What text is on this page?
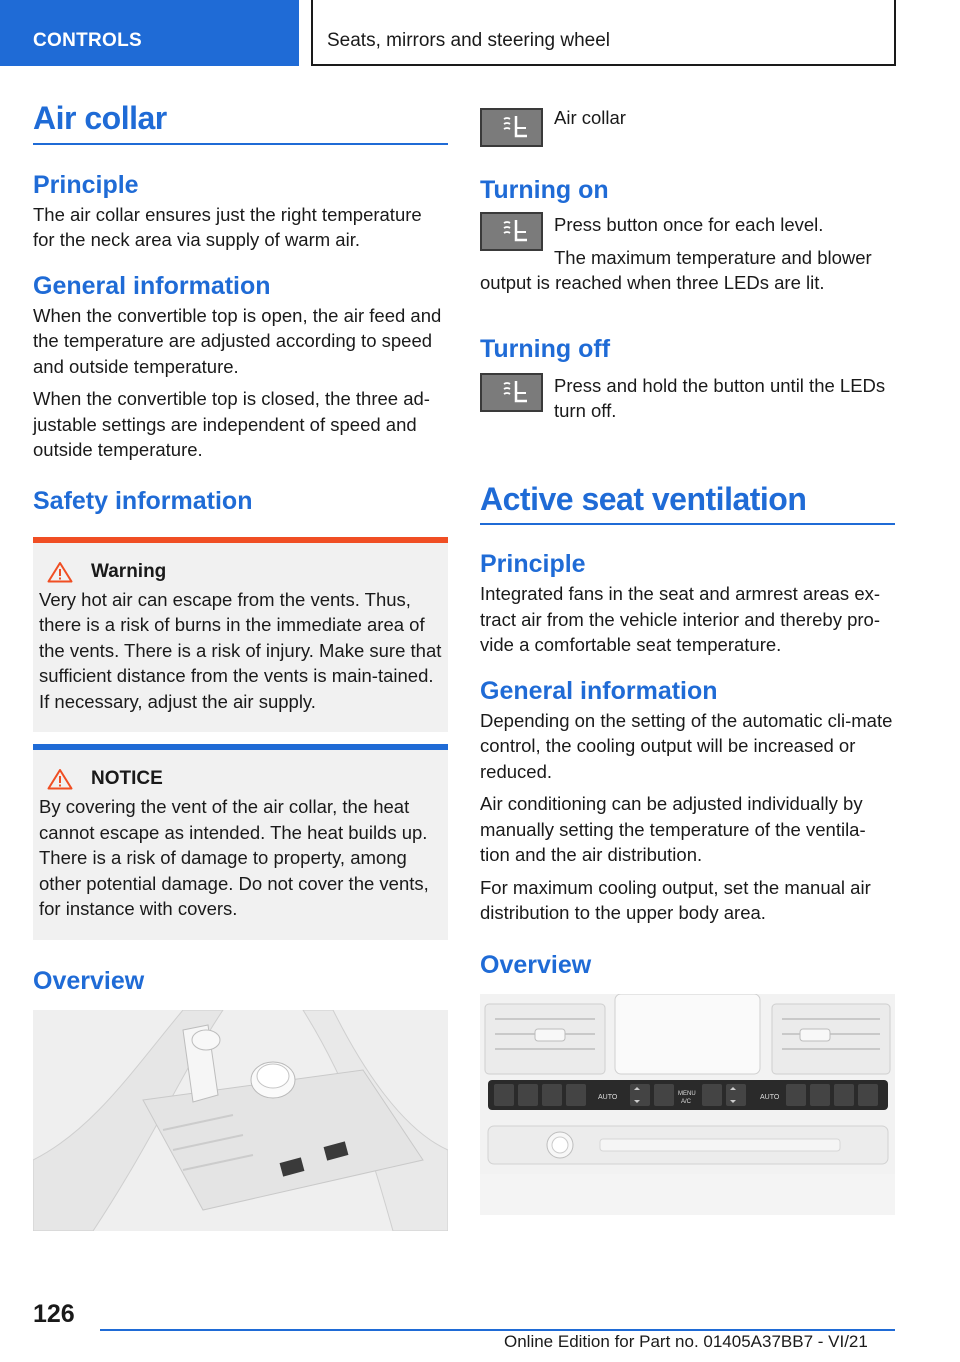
CONTROLS	Seats, mirrors and steering wheel
Air collar
Principle

The air collar ensures just the right temperature for the neck area via supply of warm air.

General information

When the convertible top is open, the air feed and the temperature are adjusted according to speed and outside temperature.

When the convertible top is closed, the three ad-justable settings are independent of speed and outside temperature.

Safety information
Warning

Very hot air can escape from the vents. Thus, there is a risk of burns in the immediate area of the vents. There is a risk of injury. Make sure that sufficient distance from the vents is main-tained. If necessary, adjust the air supply.

NOTICE

By covering the vent of the air collar, the heat cannot escape as intended. The heat builds up. There is a risk of damage to property, among other potential damage. Do not cover the vents, for instance with covers.

Overview

Air collar

Turning on

Press button once for each level.

The maximum temperature and blower output is reached when three LEDs are lit.

Turning off

Press and hold the button until the LEDs turn off.

Active seat ventilation
Principle

Integrated fans in the seat and armrest areas ex-tract air from the vehicle interior and thereby pro-vide a comfortable seat temperature.

General information

Depending on the setting of the automatic cli-mate control, the cooling output will be increased or reduced.

Air conditioning can be adjusted individually by manually setting the temperature of the ventila-tion and the air distribution.

For maximum cooling output, set the manual air distribution to the upper body area.

Overview
AUTO	MENU
A/C
AUTO
126
Online Edition for Part no. 01405A37BB7 - VI/21
